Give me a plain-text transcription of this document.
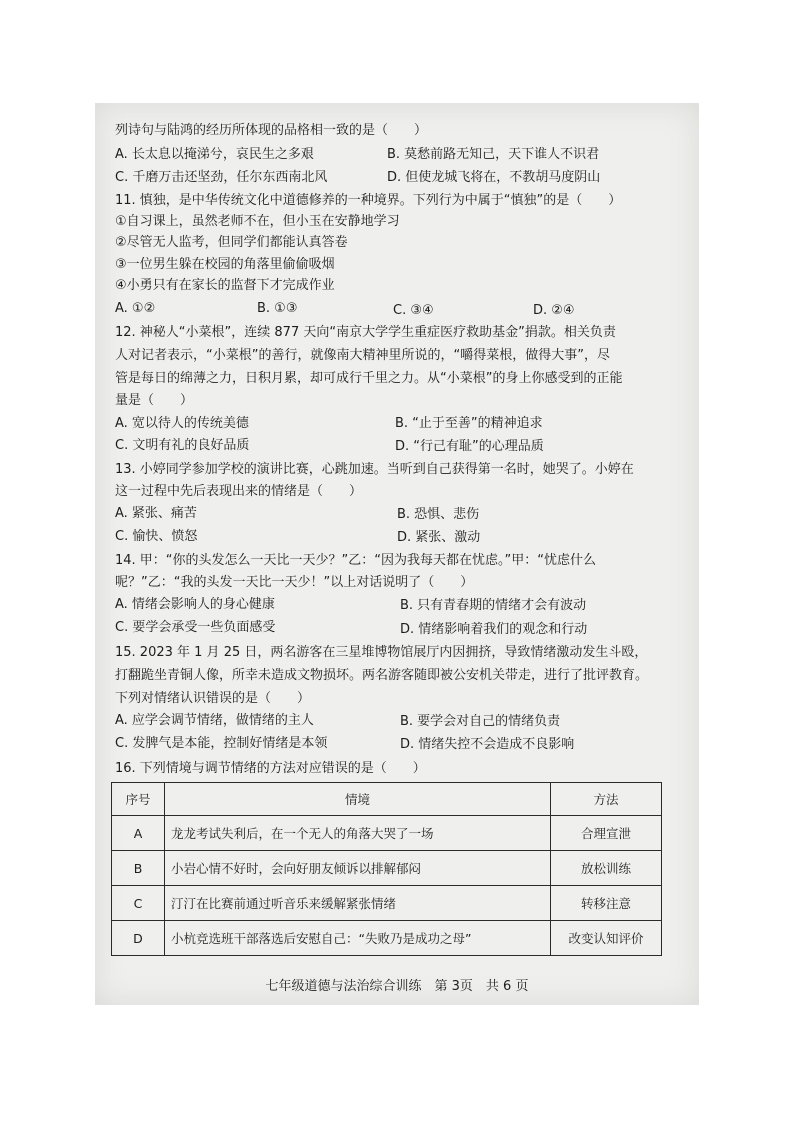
列诗句与陆鸿的经历所体现的品格相一致的是（　　）
A. 长太息以掩涕兮，哀民生之多艰	B. 莫愁前路无知己，天下谁人不识君
C. 千磨万击还坚劲，任尔东西南北风	D. 但使龙城飞将在，不教胡马度阴山
11. 慎独，是中华传统文化中道德修养的一种境界。下列行为中属于“慎独”的是（　　）
①自习课上，虽然老师不在，但小玉在安静地学习
②尽管无人监考，但同学们都能认真答卷
③一位男生躲在校园的角落里偷偷吸烟
④小勇只有在家长的监督下才完成作业
A. ①②	B. ①③	C. ③④	D. ②④
12. 神秘人“小菜根”，连续 877 天向“南京大学学生重症医疗救助基金”捐款。相关负责
人对记者表示，“小菜根”的善行，就像南大精神里所说的，“嚼得菜根，做得大事”，尽
管是每日的绵薄之力，日积月累，却可成行千里之力。从“小菜根”的身上你感受到的正能
量是（　　）
A. 宽以待人的传统美德	B. “止于至善”的精神追求
C. 文明有礼的良好品质	D. “行己有耻”的心理品质
13. 小婷同学参加学校的演讲比赛，心跳加速。当听到自己获得第一名时，她哭了。小婷在
这一过程中先后表现出来的情绪是（　　）
A. 紧张、痛苦	B. 恐惧、悲伤
C. 愉快、愤怒	D. 紧张、激动
14. 甲：“你的头发怎么一天比一天少？”乙：“因为我每天都在忧虑。”甲：“忧虑什么
呢？”乙：“我的头发一天比一天少！”以上对话说明了（　　）
A. 情绪会影响人的身心健康	B. 只有青春期的情绪才会有波动
C. 要学会承受一些负面感受	D. 情绪影响着我们的观念和行动
15. 2023 年 1 月 25 日，两名游客在三星堆博物馆展厅内因拥挤，导致情绪激动发生斗殴，
打翻跪坐青铜人像，所幸未造成文物损坏。两名游客随即被公安机关带走，进行了批评教育。
下列对情绪认识错误的是（　　）
A. 应学会调节情绪，做情绪的主人	B. 要学会对自己的情绪负责
C. 发脾气是本能，控制好情绪是本领	D. 情绪失控不会造成不良影响
16. 下列情境与调节情绪的方法对应错误的是（　　）
序号	情境	方法
A	龙龙考试失利后，在一个无人的角落大哭了一场	合理宣泄
B	小岩心情不好时，会向好朋友倾诉以排解郁闷	放松训练
C	汀汀在比赛前通过听音乐来缓解紧张情绪	转移注意
D	小杭竞选班干部落选后安慰自己：“失败乃是成功之母”	改变认知评价
七年级道德与法治综合训练　第 3页　共 6 页
